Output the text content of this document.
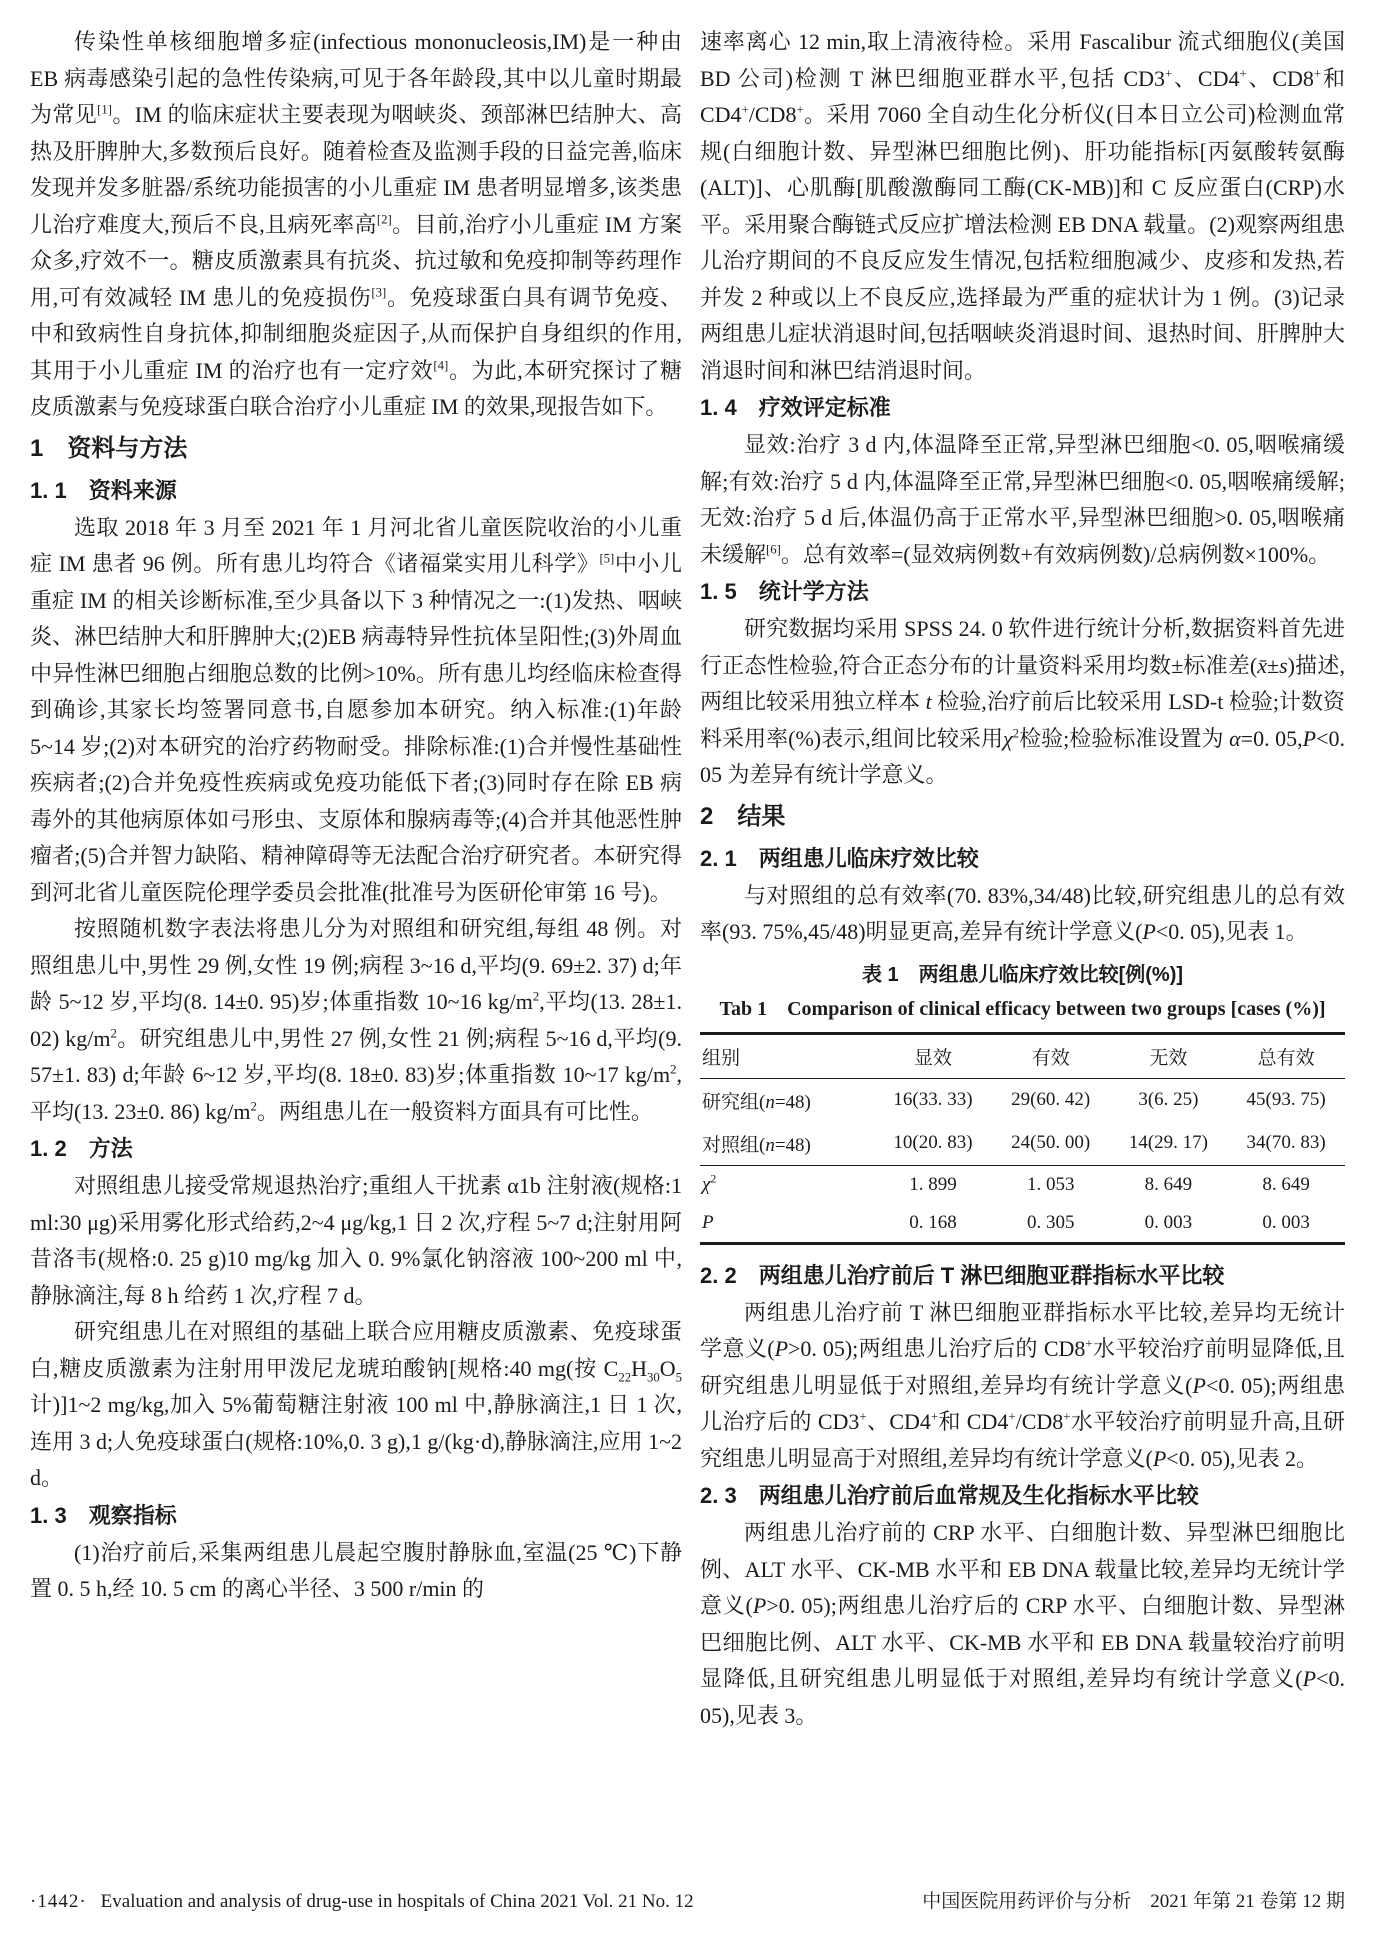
传染性单核细胞增多症(infectious mononucleosis,IM)是一种由 EB 病毒感染引起的急性传染病,可见于各年龄段,其中以儿童时期最为常见[1]。IM 的临床症状主要表现为咽峡炎、颈部淋巴结肿大、高热及肝脾肿大,多数预后良好。随着检查及监测手段的日益完善,临床发现并发多脏器/系统功能损害的小儿重症 IM 患者明显增多,该类患儿治疗难度大,预后不良,且病死率高[2]。目前,治疗小儿重症 IM 方案众多,疗效不一。糖皮质激素具有抗炎、抗过敏和免疫抑制等药理作用,可有效减轻 IM 患儿的免疫损伤[3]。免疫球蛋白具有调节免疫、中和致病性自身抗体,抑制细胞炎症因子,从而保护自身组织的作用,其用于小儿重症 IM 的治疗也有一定疗效[4]。为此,本研究探讨了糖皮质激素与免疫球蛋白联合治疗小儿重症 IM 的效果,现报告如下。

1　资料与方法
1. 1　资料来源

选取 2018 年 3 月至 2021 年 1 月河北省儿童医院收治的小儿重症 IM 患者 96 例。所有患儿均符合《诸福棠实用儿科学》[5]中小儿重症 IM 的相关诊断标准,至少具备以下 3 种情况之一:(1)发热、咽峡炎、淋巴结肿大和肝脾肿大;(2)EB 病毒特异性抗体呈阳性;(3)外周血中异性淋巴细胞占细胞总数的比例>10%。所有患儿均经临床检查得到确诊,其家长均签署同意书,自愿参加本研究。纳入标准:(1)年龄 5~14 岁;(2)对本研究的治疗药物耐受。排除标准:(1)合并慢性基础性疾病者;(2)合并免疫性疾病或免疫功能低下者;(3)同时存在除 EB 病毒外的其他病原体如弓形虫、支原体和腺病毒等;(4)合并其他恶性肿瘤者;(5)合并智力缺陷、精神障碍等无法配合治疗研究者。本研究得到河北省儿童医院伦理学委员会批准(批准号为医研伦审第 16 号)。

按照随机数字表法将患儿分为对照组和研究组,每组 48 例。对照组患儿中,男性 29 例,女性 19 例;病程 3~16 d,平均(9. 69±2. 37) d;年龄 5~12 岁,平均(8. 14±0. 95)岁;体重指数 10~16 $kg/m^2$,平均(13. 28±1. 02) $kg/m^2$。研究组患儿中,男性 27 例,女性 21 例;病程 5~16 d,平均(9. 57±1. 83) d;年龄 6~12 岁,平均(8. 18±0. 83)岁;体重指数 10~17 $kg/m^2$,平均(13. 23±0. 86) $kg/m^2$。两组患儿在一般资料方面具有可比性。

1. 2　方法

对照组患儿接受常规退热治疗;重组人干扰素 α1b 注射液(规格:1 ml:30 μg)采用雾化形式给药,2~4 μg/kg,1 日 2 次,疗程 5~7 d;注射用阿昔洛韦(规格:0. 25 g)10 mg/kg 加入 0. 9%氯化钠溶液 100~200 ml 中,静脉滴注,每 8 h 给药 1 次,疗程 7 d。

研究组患儿在对照组的基础上联合应用糖皮质激素、免疫球蛋白,糖皮质激素为注射用甲泼尼龙琥珀酸钠[规格:40 mg(按 $C_{22}H_{30}O_5$ 计)]1~2 mg/kg,加入 5%葡萄糖注射液 100 ml 中,静脉滴注,1 日 1 次,连用 3 d;人免疫球蛋白(规格:10%,0. 3 g),1 g/(kg·d),静脉滴注,应用 1~2 d。

1. 3　观察指标

(1)治疗前后,采集两组患儿晨起空腹肘静脉血,室温(25 ℃)下静置 0. 5 h,经 10. 5 cm 的离心半径、3 500 r/min 的

速率离心 12 min,取上清液待检。采用 Fascalibur 流式细胞仪(美国 BD 公司)检测 T 淋巴细胞亚群水平,包括 CD3+、CD4+、CD8+和 CD4+/CD8+。采用 7060 全自动生化分析仪(日本日立公司)检测血常规(白细胞计数、异型淋巴细胞比例)、肝功能指标[丙氨酸转氨酶(ALT)]、心肌酶[肌酸激酶同工酶(CK-MB)]和 C 反应蛋白(CRP)水平。采用聚合酶链式反应扩增法检测 EB DNA 载量。(2)观察两组患儿治疗期间的不良反应发生情况,包括粒细胞减少、皮疹和发热,若并发 2 种或以上不良反应,选择最为严重的症状计为 1 例。(3)记录两组患儿症状消退时间,包括咽峡炎消退时间、退热时间、肝脾肿大消退时间和淋巴结消退时间。

1. 4　疗效评定标准

显效:治疗 3 d 内,体温降至正常,异型淋巴细胞<0. 05,咽喉痛缓解;有效:治疗 5 d 内,体温降至正常,异型淋巴细胞<0. 05,咽喉痛缓解;无效:治疗 5 d 后,体温仍高于正常水平,异型淋巴细胞>0. 05,咽喉痛未缓解[6]。总有效率=(显效病例数+有效病例数)/总病例数×100%。

1. 5　统计学方法

研究数据均采用 SPSS 24. 0 软件进行统计分析,数据资料首先进行正态性检验,符合正态分布的计量资料采用均数±标准差(x̄±s)描述,两组比较采用独立样本 t 检验,治疗前后比较采用 LSD-t 检验;计数资料采用率(%)表示,组间比较采用$\chi^2$检验;检验标准设置为 α=0. 05,P<0. 05 为差异有统计学意义。

2　结果
2. 1　两组患儿临床疗效比较

与对照组的总有效率(70. 83%,34/48)比较,研究组患儿的总有效率(93. 75%,45/48)明显更高,差异有统计学意义(P<0. 05),见表 1。

表 1　两组患儿临床疗效比较[例(%)]
Tab 1　Comparison of clinical efficacy between two groups [cases (%)]
组别	显效	有效	无效	总有效
研究组(n=48)	16(33. 33)	29(60. 42)	3(6. 25)	45(93. 75)
对照组(n=48)	10(20. 83)	24(50. 00)	14(29. 17)	34(70. 83)
$\chi^2$	1. 899	1. 053	8. 649	8. 649
P	0. 168	0. 305	0. 003	0. 003
2. 2　两组患儿治疗前后 T 淋巴细胞亚群指标水平比较

两组患儿治疗前 T 淋巴细胞亚群指标水平比较,差异均无统计学意义(P>0. 05);两组患儿治疗后的 CD8+水平较治疗前明显降低,且研究组患儿明显低于对照组,差异均有统计学意义(P<0. 05);两组患儿治疗后的 CD3+、CD4+和 CD4+/CD8+水平较治疗前明显升高,且研究组患儿明显高于对照组,差异均有统计学意义(P<0. 05),见表 2。

2. 3　两组患儿治疗前后血常规及生化指标水平比较

两组患儿治疗前的 CRP 水平、白细胞计数、异型淋巴细胞比例、ALT 水平、CK-MB 水平和 EB DNA 载量比较,差异均无统计学意义(P>0. 05);两组患儿治疗后的 CRP 水平、白细胞计数、异型淋巴细胞比例、ALT 水平、CK-MB 水平和 EB DNA 载量较治疗前明显降低,且研究组患儿明显低于对照组,差异均有统计学意义(P<0. 05),见表 3。

·1442· Evaluation and analysis of drug-use in hospitals of China 2021 Vol. 21 No. 12	中国医院用药评价与分析　2021 年第 21 卷第 12 期
